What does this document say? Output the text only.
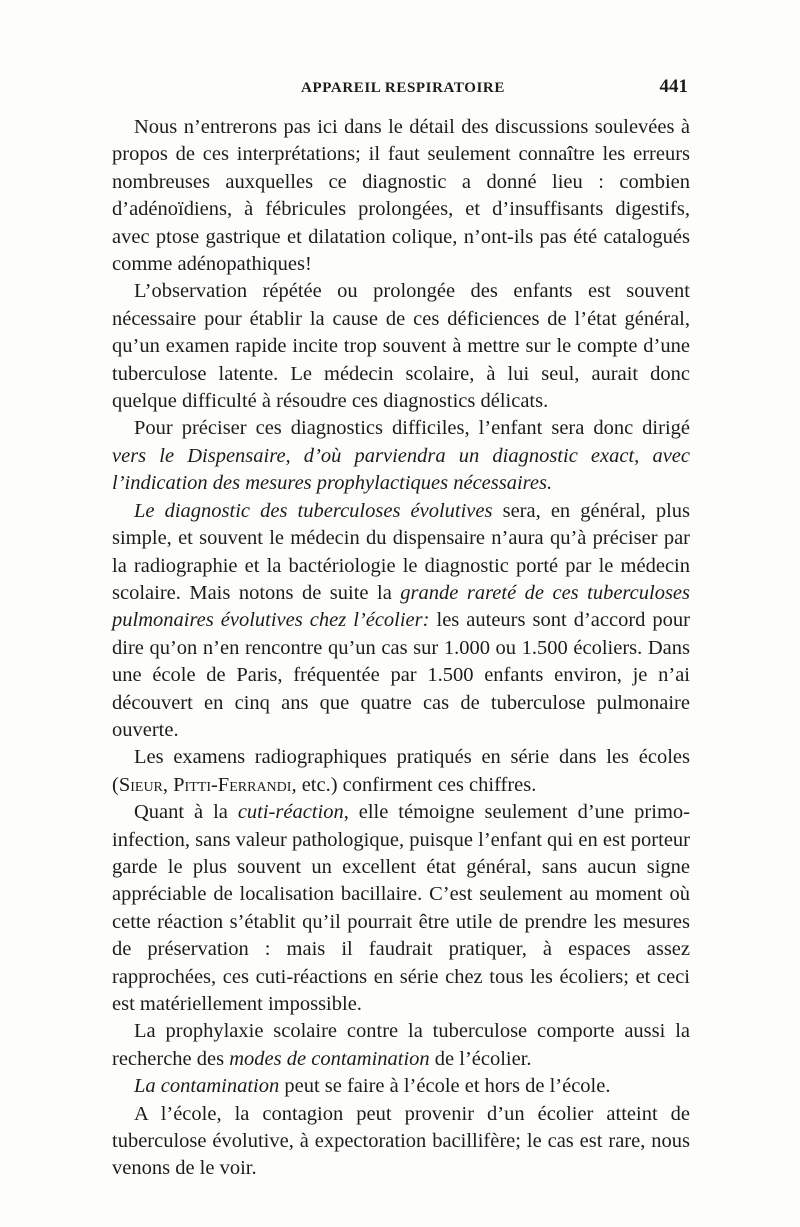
APPAREIL RESPIRATOIRE	441

Nous n’entrerons pas ici dans le détail des discussions soulevées à propos de ces interprétations; il faut seulement connaître les erreurs nombreuses auxquelles ce diagnostic a donné lieu : combien d’adénoïdiens, à fébricules prolongées, et d’insuffisants digestifs, avec ptose gastrique et dilatation colique, n’ont-ils pas été catalogués comme adénopathiques!

L’observation répétée ou prolongée des enfants est souvent nécessaire pour établir la cause de ces déficiences de l’état général, qu’un examen rapide incite trop souvent à mettre sur le compte d’une tuberculose latente. Le médecin scolaire, à lui seul, aurait donc quelque difficulté à résoudre ces diagnostics délicats.

Pour préciser ces diagnostics difficiles, l’enfant sera donc dirigé vers le Dispensaire, d’où parviendra un diagnostic exact, avec l’indication des mesures prophylactiques nécessaires.

Le diagnostic des tuberculoses évolutives sera, en général, plus simple, et souvent le médecin du dispensaire n’aura qu’à préciser par la radiographie et la bactériologie le diagnostic porté par le médecin scolaire. Mais notons de suite la grande rareté de ces tuberculoses pulmonaires évolutives chez l’écolier: les auteurs sont d’accord pour dire qu’on n’en rencontre qu’un cas sur 1.000 ou 1.500 écoliers. Dans une école de Paris, fréquentée par 1.500 enfants environ, je n’ai découvert en cinq ans que quatre cas de tuberculose pulmonaire ouverte.

Les examens radiographiques pratiqués en série dans les écoles (Sieur, Pitti-Ferrandi, etc.) confirment ces chiffres.

Quant à la cuti-réaction, elle témoigne seulement d’une primo-infection, sans valeur pathologique, puisque l’enfant qui en est porteur garde le plus souvent un excellent état général, sans aucun signe appréciable de localisation bacillaire. C’est seulement au moment où cette réaction s’établit qu’il pourrait être utile de prendre les mesures de préservation : mais il faudrait pratiquer, à espaces assez rapprochées, ces cuti-réactions en série chez tous les écoliers; et ceci est matériellement impossible.

La prophylaxie scolaire contre la tuberculose comporte aussi la recherche des modes de contamination de l’écolier.

La contamination peut se faire à l’école et hors de l’école.

A l’école, la contagion peut provenir d’un écolier atteint de tuberculose évolutive, à expectoration bacillifère; le cas est rare, nous venons de le voir.
